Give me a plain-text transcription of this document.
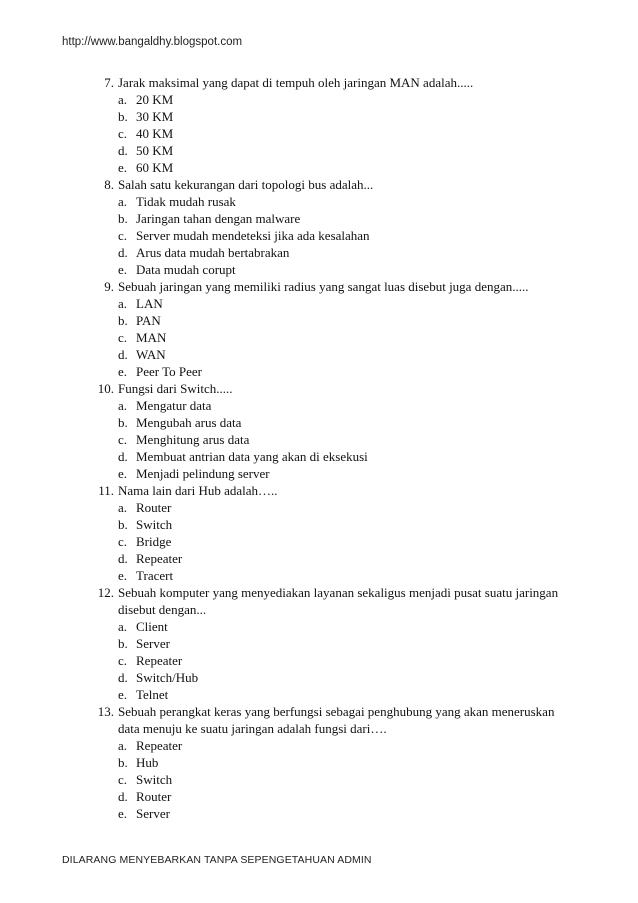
http://www.bangaldhy.blogspot.com
7. Jarak maksimal yang dapat di tempuh oleh jaringan MAN adalah.....
a. 20 KM
b. 30 KM
c. 40 KM
d. 50 KM
e. 60 KM
8. Salah satu kekurangan dari topologi bus adalah...
a. Tidak mudah rusak
b. Jaringan tahan dengan malware
c. Server mudah mendeteksi jika ada kesalahan
d. Arus data mudah bertabrakan
e. Data mudah corupt
9. Sebuah jaringan yang memiliki radius yang sangat luas disebut juga dengan.....
a. LAN
b. PAN
c. MAN
d. WAN
e. Peer To Peer
10. Fungsi dari Switch.....
a. Mengatur data
b. Mengubah arus data
c. Menghitung arus data
d. Membuat antrian data yang akan di eksekusi
e. Menjadi pelindung server
11. Nama lain dari Hub adalah…..
a. Router
b. Switch
c. Bridge
d. Repeater
e. Tracert
12. Sebuah komputer yang menyediakan layanan sekaligus menjadi pusat suatu jaringan
disebut dengan...
a. Client
b. Server
c. Repeater
d. Switch/Hub
e. Telnet
13. Sebuah perangkat keras yang berfungsi sebagai penghubung yang akan meneruskan
data menuju ke suatu jaringan adalah fungsi dari….
a. Repeater
b. Hub
c. Switch
d. Router
e. Server
DILARANG MENYEBARKAN TANPA SEPENGETAHUAN ADMIN
